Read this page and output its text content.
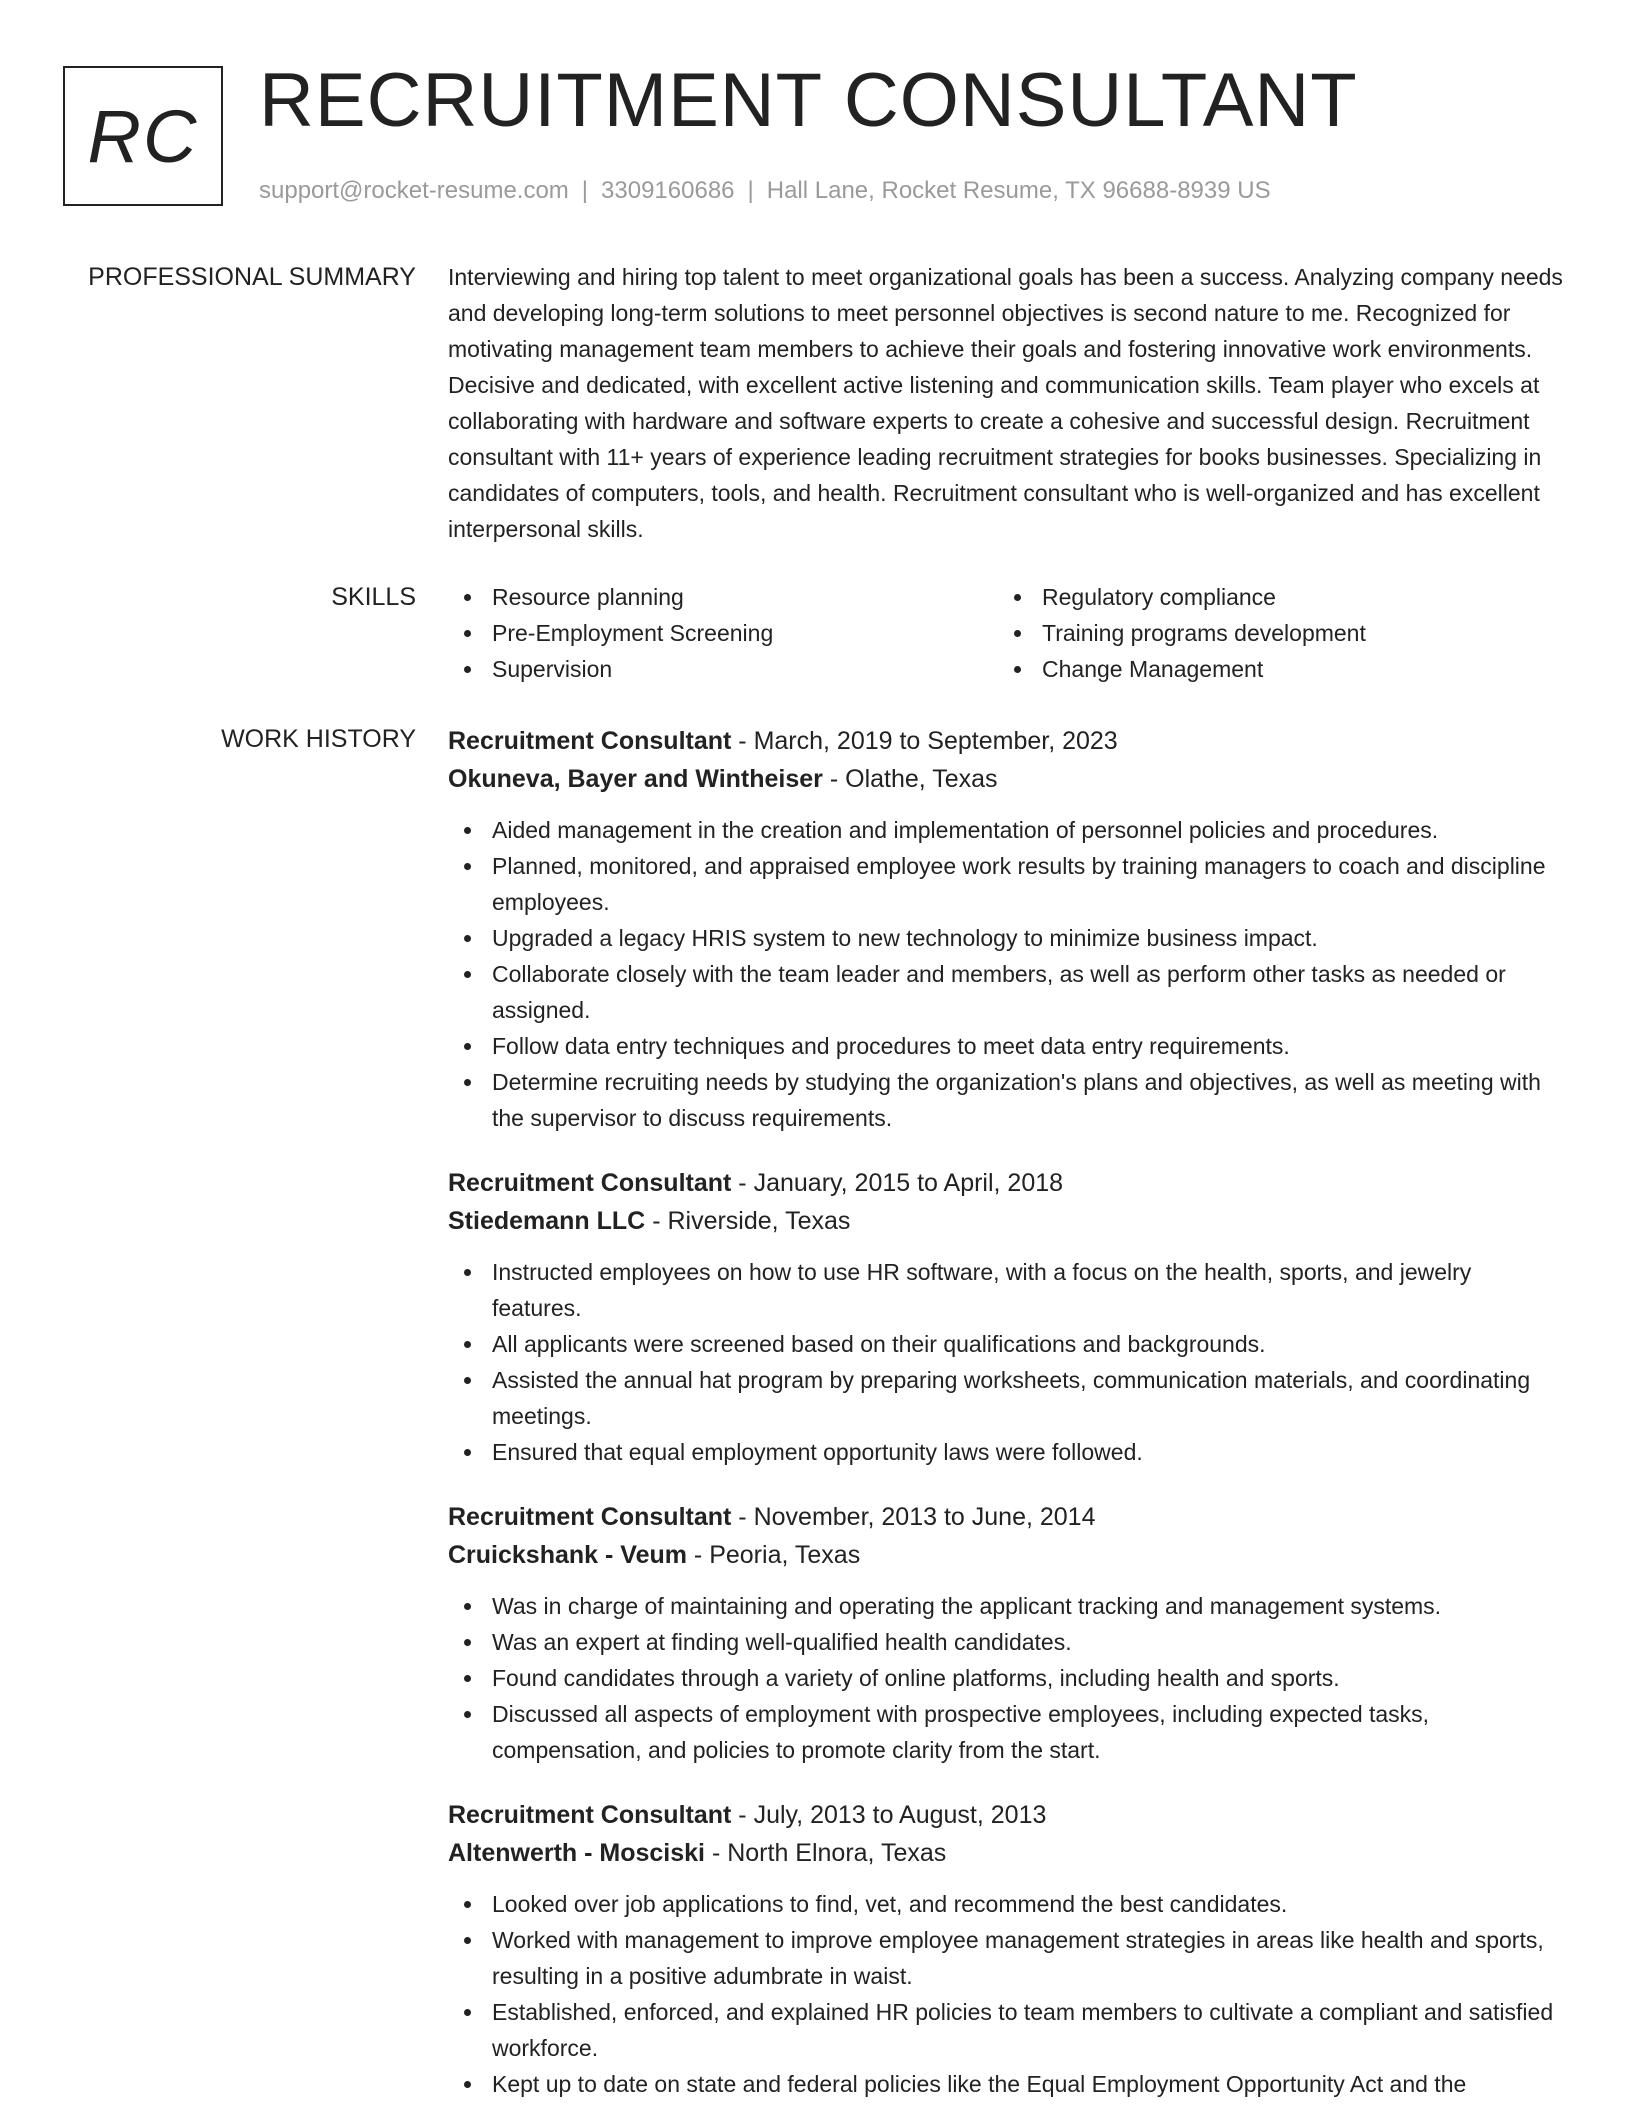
RC RECRUITMENT CONSULTANT
support@rocket-resume.com | 3309160686 | Hall Lane, Rocket Resume, TX 96688-8939 US
PROFESSIONAL SUMMARY Interviewing and hiring top talent to meet organizational goals has been a success. Analyzing company needs and developing long-term solutions to meet personnel objectives is second nature to me. Recognized for motivating management team members to achieve their goals and fostering innovative work environments. Decisive and dedicated, with excellent active listening and communication skills. Team player who excels at collaborating with hardware and software experts to create a cohesive and successful design. Recruitment consultant with 11+ years of experience leading recruitment strategies for books businesses. Specializing in candidates of computers, tools, and health. Recruitment consultant who is well-organized and has excellent interpersonal skills.
SKILLS	Resource planning
Pre-Employment Screening
Supervision
Regulatory compliance
Training programs development
Change Management
WORK HISTORY Recruitment Consultant - March, 2019 to September, 2023
Okuneva, Bayer and Wintheiser - Olathe, Texas
Aided management in the creation and implementation of personnel policies and procedures.
Planned, monitored, and appraised employee work results by training managers to coach and discipline employees.
Upgraded a legacy HRIS system to new technology to minimize business impact.
Collaborate closely with the team leader and members, as well as perform other tasks as needed or assigned.
Follow data entry techniques and procedures to meet data entry requirements.
Determine recruiting needs by studying the organization's plans and objectives, as well as meeting with the supervisor to discuss requirements.
Recruitment Consultant - January, 2015 to April, 2018
Stiedemann LLC - Riverside, Texas
Instructed employees on how to use HR software, with a focus on the health, sports, and jewelry features.
All applicants were screened based on their qualifications and backgrounds.
Assisted the annual hat program by preparing worksheets, communication materials, and coordinating meetings.
Ensured that equal employment opportunity laws were followed.
Recruitment Consultant - November, 2013 to June, 2014
Cruickshank - Veum - Peoria, Texas
Was in charge of maintaining and operating the applicant tracking and management systems.
Was an expert at finding well-qualified health candidates.
Found candidates through a variety of online platforms, including health and sports.
Discussed all aspects of employment with prospective employees, including expected tasks, compensation, and policies to promote clarity from the start.
Recruitment Consultant - July, 2013 to August, 2013
Altenwerth - Mosciski - North Elnora, Texas
Looked over job applications to find, vet, and recommend the best candidates.
Worked with management to improve employee management strategies in areas like health and sports, resulting in a positive adumbrate in waist.
Established, enforced, and explained HR policies to team members to cultivate a compliant and satisfied workforce.
Kept up to date on state and federal policies like the Equal Employment Opportunity Act and the
